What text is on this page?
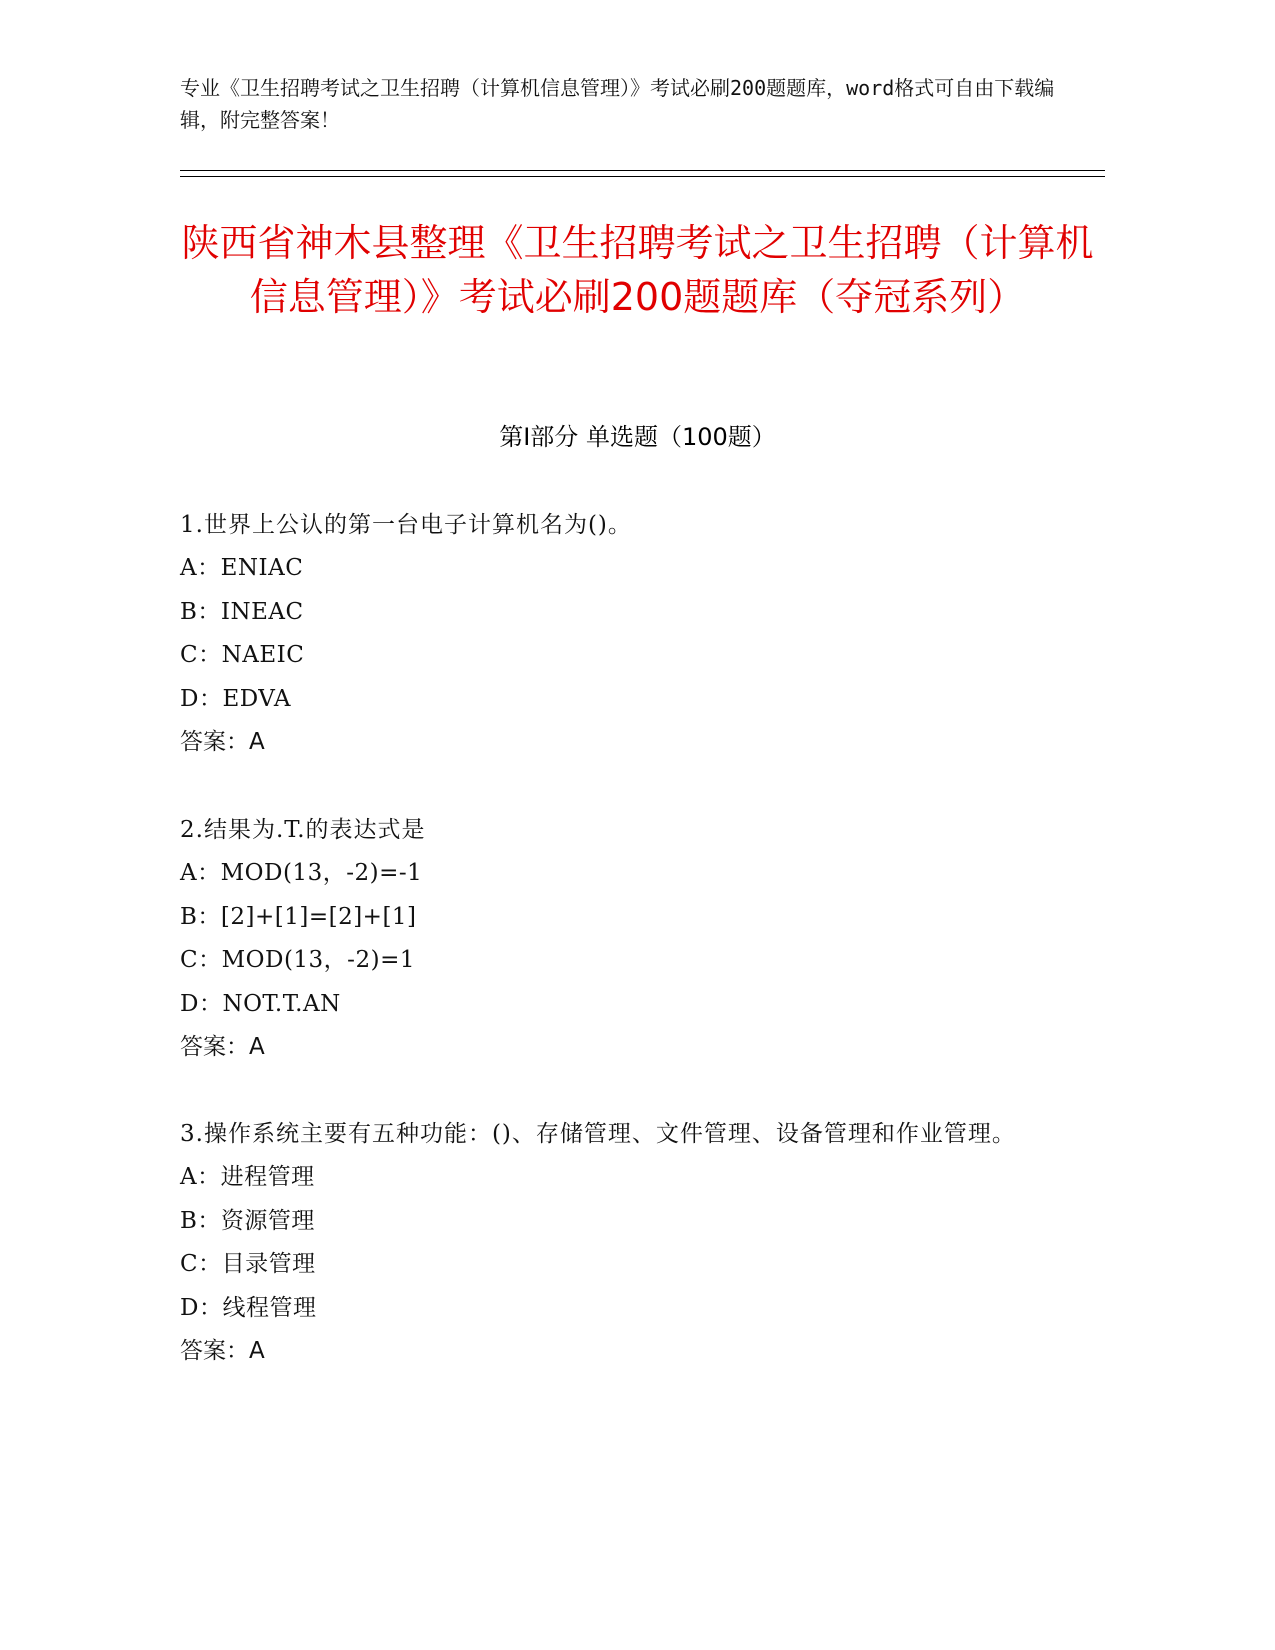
专业《卫生招聘考试之卫生招聘（计算机信息管理）》考试必刷200题题库，word格式可自由下载编辑，附完整答案！
陕西省神木县整理《卫生招聘考试之卫生招聘（计算机信息管理）》考试必刷200题题库（夺冠系列）
第Ⅰ部分 单选题（100题）
1.世界上公认的第一台电子计算机名为()。
A：ENIAC
B：INEAC
C：NAEIC
D：EDVA
答案：A
2.结果为.T.的表达式是
A：MOD(13，-2)=-1
B：[2]+[1]=[2]+[1]
C：MOD(13，-2)=1
D：NOT.T.AN
答案：A
3.操作系统主要有五种功能：()、存储管理、文件管理、设备管理和作业管理。
A：进程管理
B：资源管理
C：目录管理
D：线程管理
答案：A
